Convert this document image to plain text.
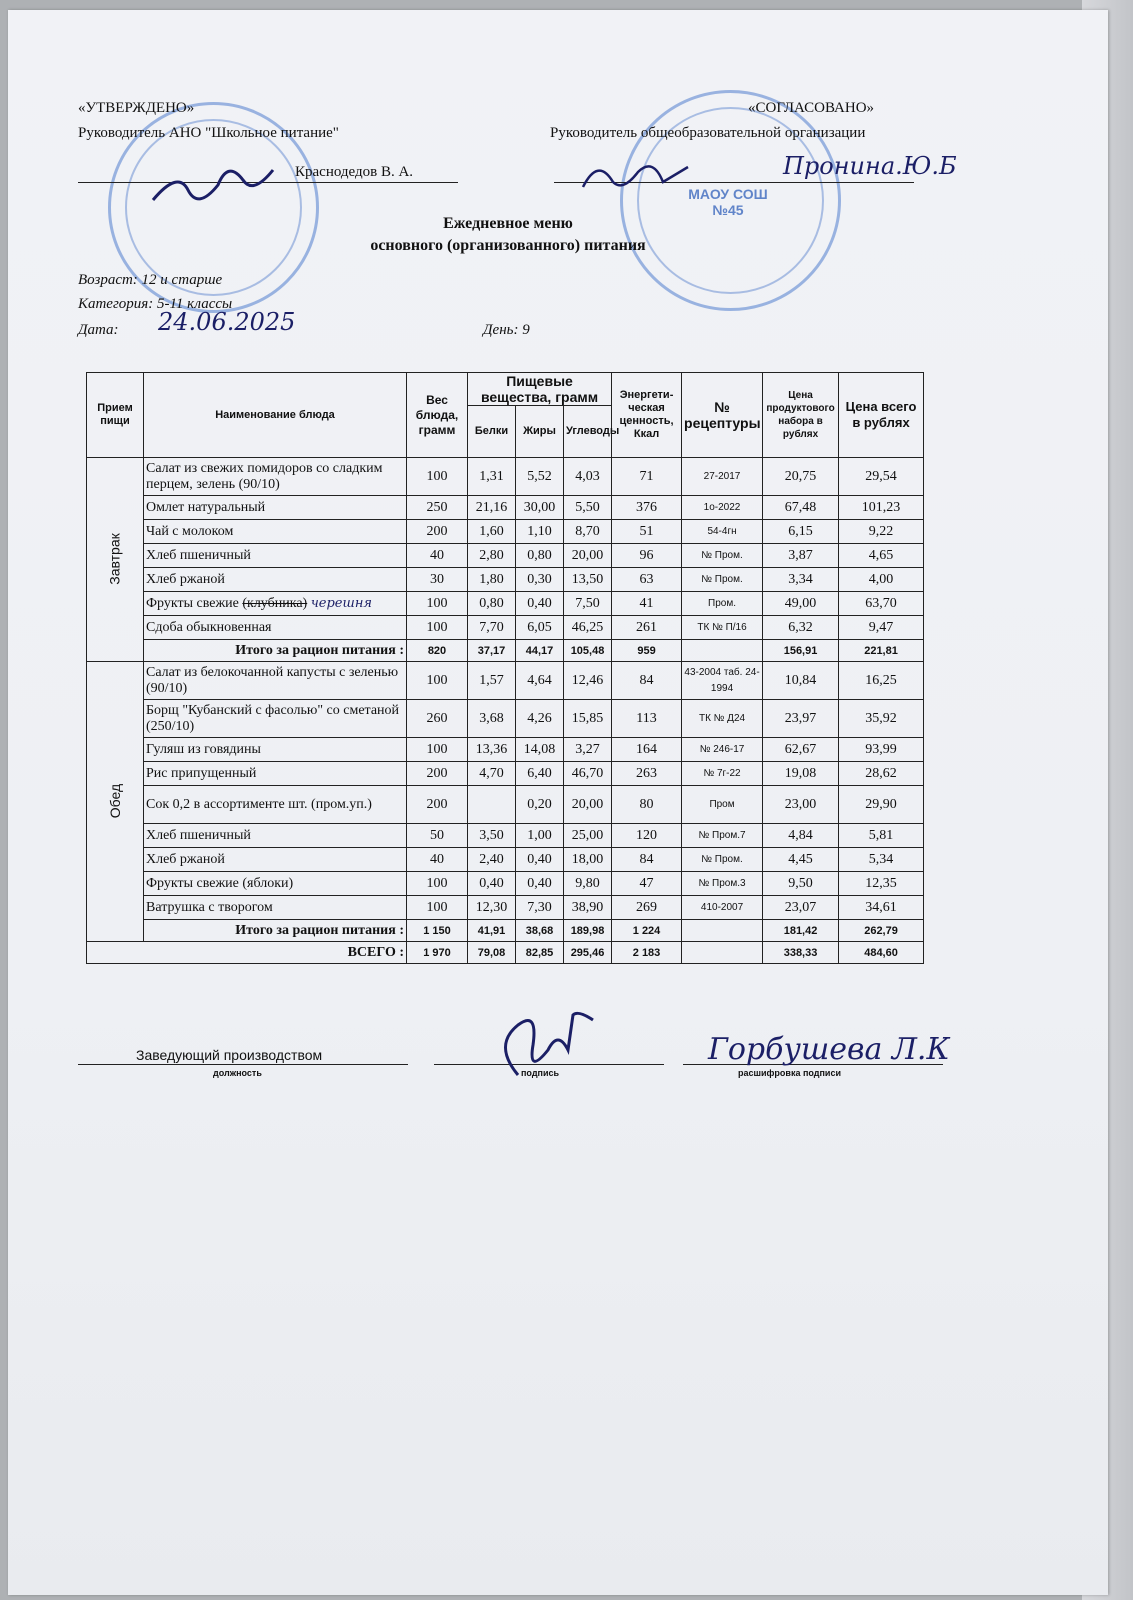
МАОУ СОШ №45
«УТВЕРЖДЕНО»
Руководитель АНО "Школьное питание"
Краснодедов В. А.
«СОГЛАСОВАНО»
Руководитель общеобразовательной организации
Пронина.Ю.Б
Ежедневное меню
основного (организованного) питания
Возраст: 12 и старше
Категория: 5-11 классы
Дата: 24.06.2025	День: 9
Прием пищи	Наименование блюда	Вес блюда, грамм	Пищевые вещества, грамм			Энергети-ческая ценность, Ккал	№ рецептуры	Цена продуктового набора в рублях	Цена всего в рублях
			Белки	Жиры	Углеводы				
Завтрак	Салат из свежих помидоров со сладким перцем, зелень (90/10)	100	1,31	5,52	4,03	71	27-2017	20,75	29,54
	Омлет натуральный	250	21,16	30,00	5,50	376	1о-2022	67,48	101,23
	Чай с молоком	200	1,60	1,10	8,70	51	54-4гн	6,15	9,22
	Хлеб пшеничный	40	2,80	0,80	20,00	96	№ Пром.	3,87	4,65
	Хлеб ржаной	30	1,80	0,30	13,50	63	№ Пром.	3,34	4,00
	Фрукты свежие (клубника) черешня	100	0,80	0,40	7,50	41	Пром.	49,00	63,70
	Сдоба обыкновенная	100	7,70	6,05	46,25	261	ТК № П/16	6,32	9,47
	Итого за рацион питания :	820	37,17	44,17	105,48	959		156,91	221,81
Обед	Салат из белокочанной капусты с зеленью (90/10)	100	1,57	4,64	12,46	84	43-2004 таб. 24-1994	10,84	16,25
	Борщ "Кубанский с фасолью" со сметаной (250/10)	260	3,68	4,26	15,85	113	ТК № Д24	23,97	35,92
	Гуляш из говядины	100	13,36	14,08	3,27	164	№ 246-17	62,67	93,99
	Рис припущенный	200	4,70	6,40	46,70	263	№ 7г-22	19,08	28,62
	Сок 0,2 в ассортименте шт. (пром.уп.)	200		0,20	20,00	80	Пром	23,00	29,90
	Хлеб пшеничный	50	3,50	1,00	25,00	120	№ Пром.7	4,84	5,81
	Хлеб ржаной	40	2,40	0,40	18,00	84	№ Пром.	4,45	5,34
	Фрукты свежие (яблоки)	100	0,40	0,40	9,80	47	№ Пром.3	9,50	12,35
	Ватрушка с творогом	100	12,30	7,30	38,90	269	410-2007	23,07	34,61
	Итого за рацион питания :	1 150	41,91	38,68	189,98	1 224		181,42	262,79
ВСЕГО :		1 970	79,08	82,85	295,46	2 183		338,33	484,60
Заведующий производством
должность	подпись	расшифровка подписи
Горбушева Л.К
